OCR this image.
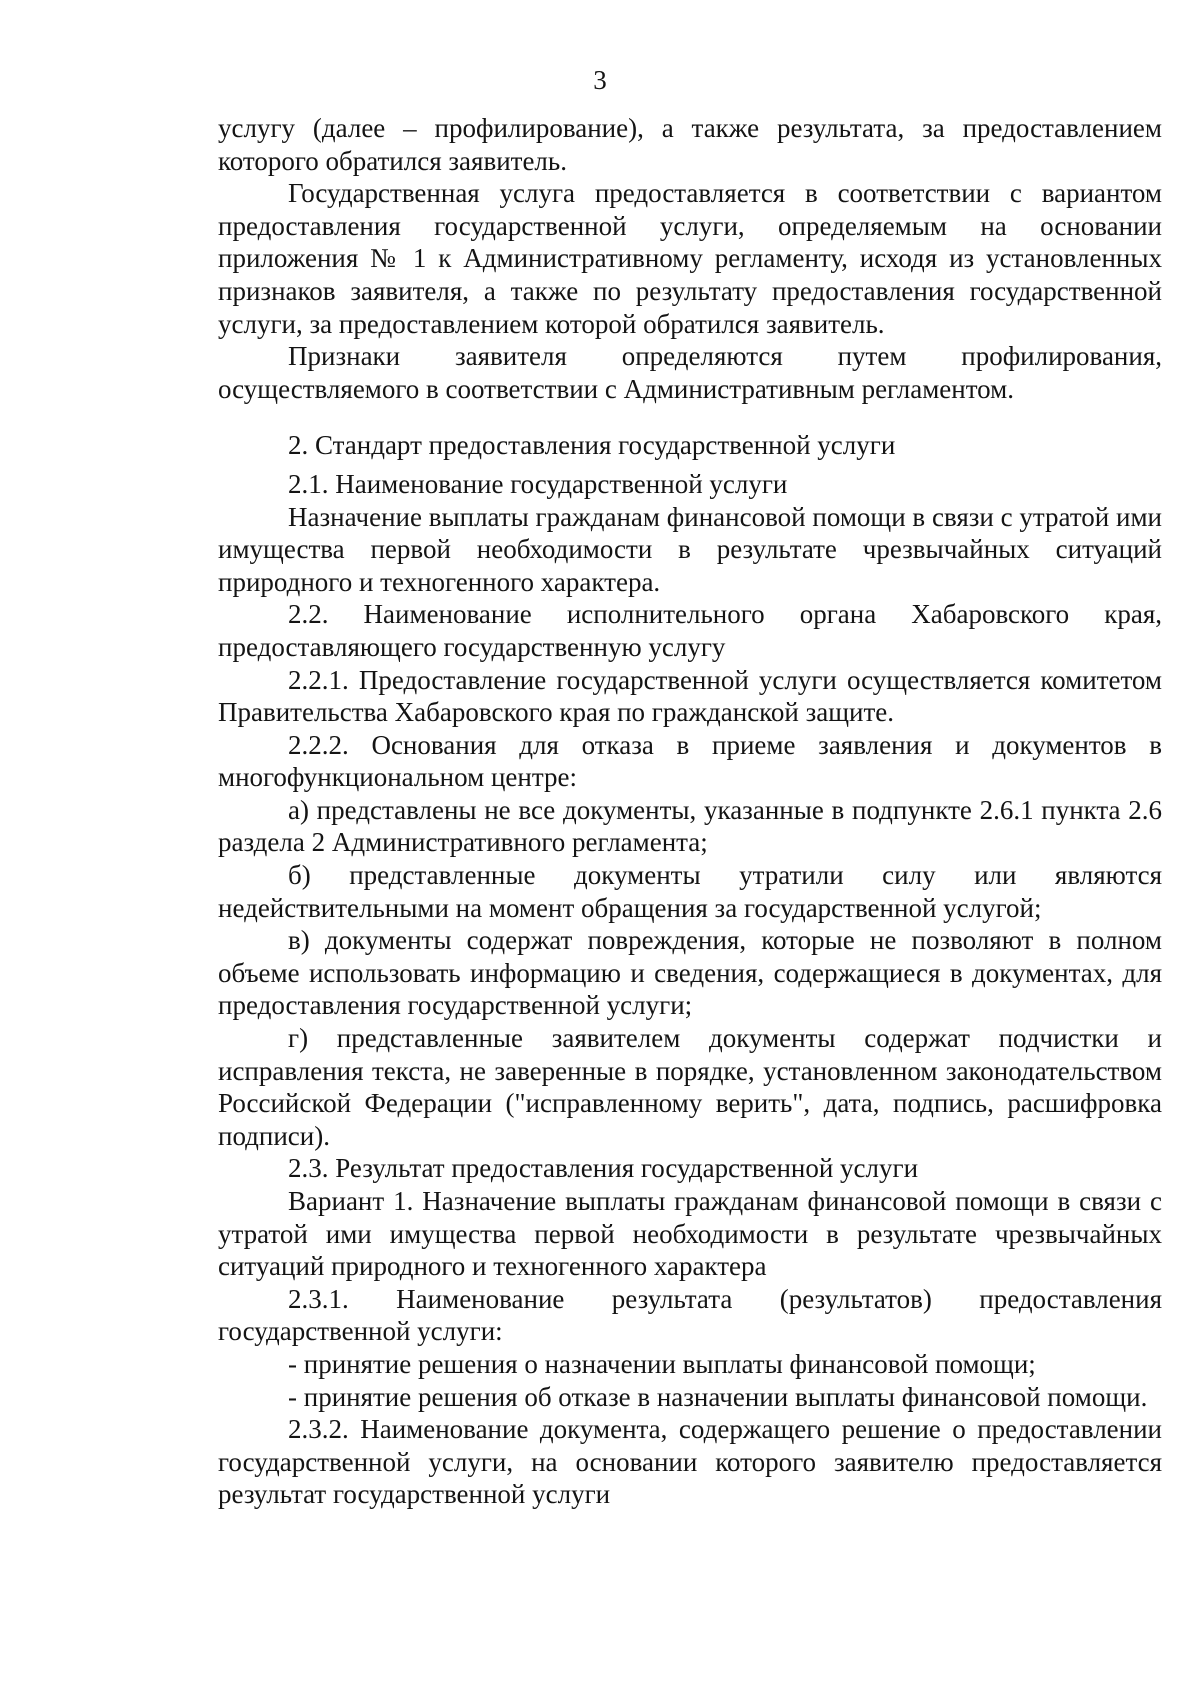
3

услугу (далее – профилирование), а также результата, за предоставлением которого обратился заявитель.

Государственная услуга предоставляется в соответствии с вариантом предоставления государственной услуги, определяемым на основании приложения № 1 к Административному регламенту, исходя из установленных признаков заявителя, а также по результату предоставления государственной услуги, за предоставлением которой обратился заявитель.

Признаки заявителя определяются путем профилирования, осуществляемого в соответствии с Административным регламентом.

2. Стандарт предоставления государственной услуги

2.1. Наименование государственной услуги

Назначение выплаты гражданам финансовой помощи в связи с утратой ими имущества первой необходимости в результате чрезвычайных ситуаций природного и техногенного характера.

2.2. Наименование исполнительного органа Хабаровского края, предоставляющего государственную услугу

2.2.1. Предоставление государственной услуги осуществляется комитетом Правительства Хабаровского края по гражданской защите.

2.2.2. Основания для отказа в приеме заявления и документов в многофункциональном центре:

а) представлены не все документы, указанные в подпункте 2.6.1 пункта 2.6 раздела 2 Административного регламента;

б) представленные документы утратили силу или являются недействительными на момент обращения за государственной услугой;

в) документы содержат повреждения, которые не позволяют в полном объеме использовать информацию и сведения, содержащиеся в документах, для предоставления государственной услуги;

г) представленные заявителем документы содержат подчистки и исправления текста, не заверенные в порядке, установленном законодательством Российской Федерации ("исправленному верить", дата, подпись, расшифровка подписи).

2.3. Результат предоставления государственной услуги

Вариант 1. Назначение выплаты гражданам финансовой помощи в связи с утратой ими имущества первой необходимости в результате чрезвычайных ситуаций природного и техногенного характера

2.3.1. Наименование результата (результатов) предоставления государственной услуги:

- принятие решения о назначении выплаты финансовой помощи;

- принятие решения об отказе в назначении выплаты финансовой помощи.

2.3.2. Наименование документа, содержащего решение о предоставлении государственной услуги, на основании которого заявителю предоставляется результат государственной услуги
